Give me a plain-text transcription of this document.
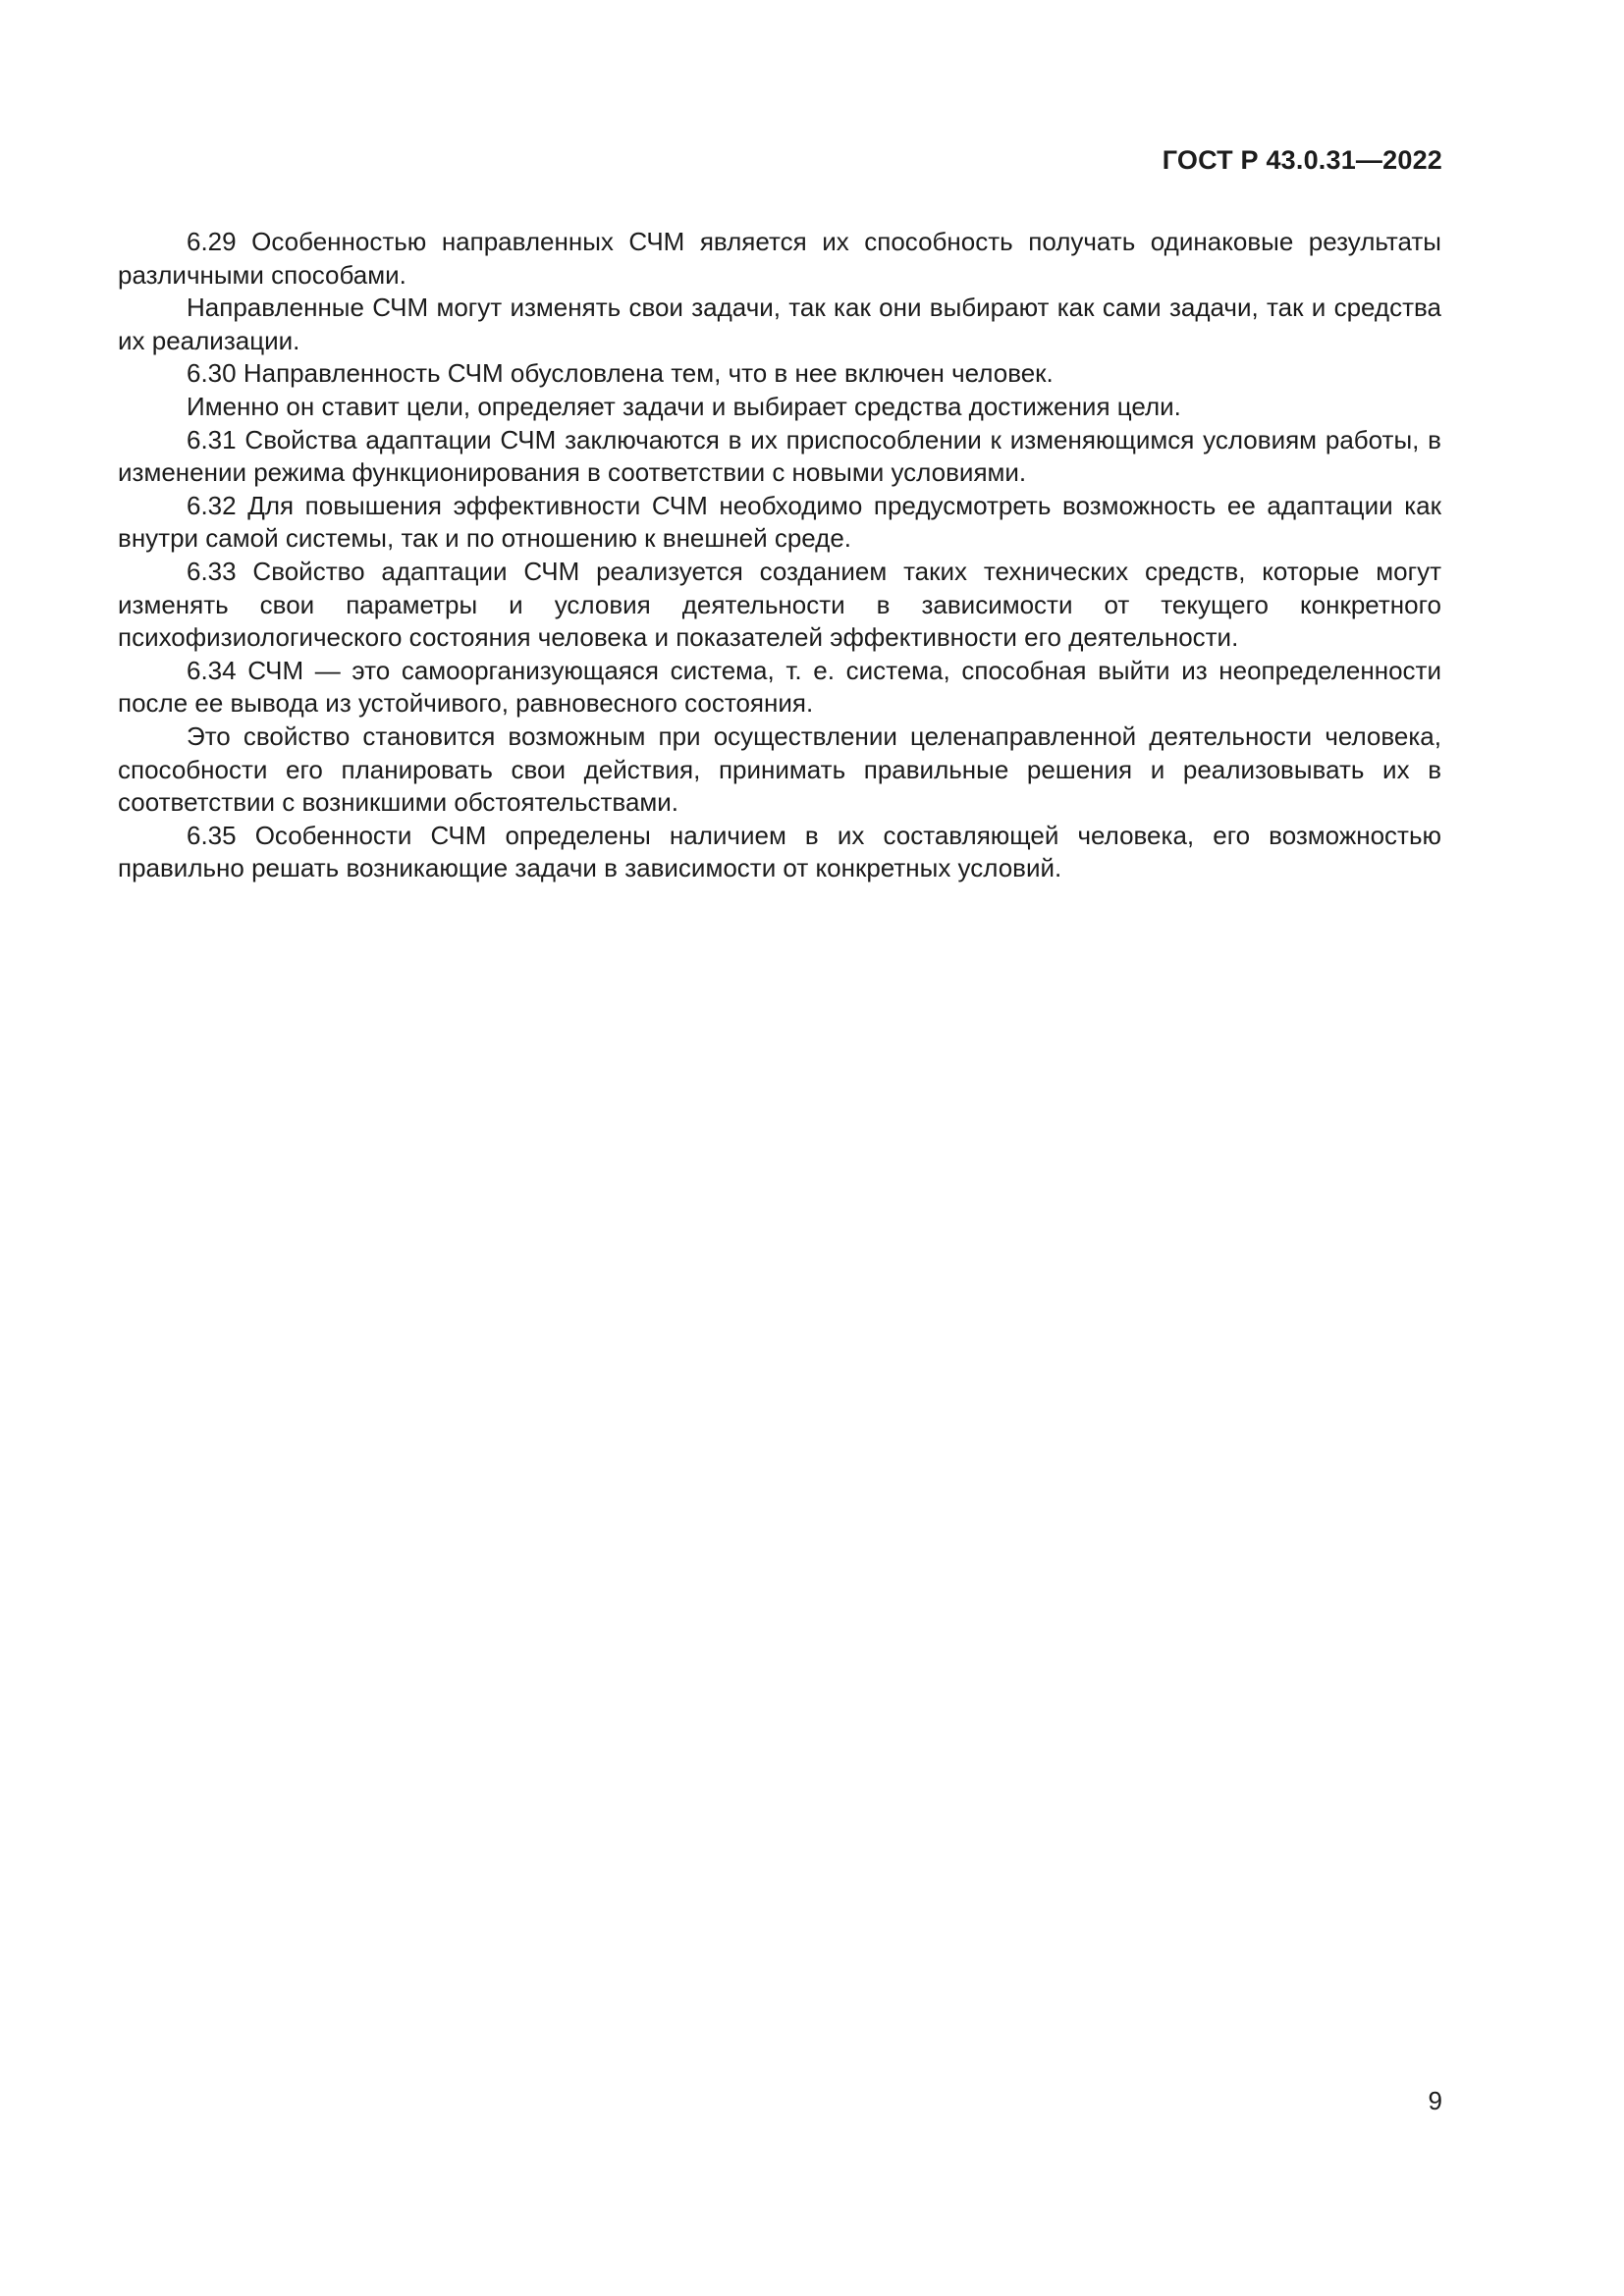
ГОСТ Р 43.0.31—2022

6.29 Особенностью направленных СЧМ является их способность получать одинаковые результаты различными способами.

Направленные СЧМ могут изменять свои задачи, так как они выбирают как сами задачи, так и средства их реализации.

6.30 Направленность СЧМ обусловлена тем, что в нее включен человек.

Именно он ставит цели, определяет задачи и выбирает средства достижения цели.

6.31 Свойства адаптации СЧМ заключаются в их приспособлении к изменяющимся условиям работы, в изменении режима функционирования в соответствии с новыми условиями.

6.32 Для повышения эффективности СЧМ необходимо предусмотреть возможность ее адаптации как внутри самой системы, так и по отношению к внешней среде.

6.33 Свойство адаптации СЧМ реализуется созданием таких технических средств, которые могут изменять свои параметры и условия деятельности в зависимости от текущего конкретного психофизиологического состояния человека и показателей эффективности его деятельности.

6.34 СЧМ — это самоорганизующаяся система, т. е. система, способная выйти из неопределенности после ее вывода из устойчивого, равновесного состояния.

Это свойство становится возможным при осуществлении целенаправленной деятельности человека, способности его планировать свои действия, принимать правильные решения и реализовывать их в соответствии с возникшими обстоятельствами.

6.35 Особенности СЧМ определены наличием в их составляющей человека, его возможностью правильно решать возникающие задачи в зависимости от конкретных условий.

9
